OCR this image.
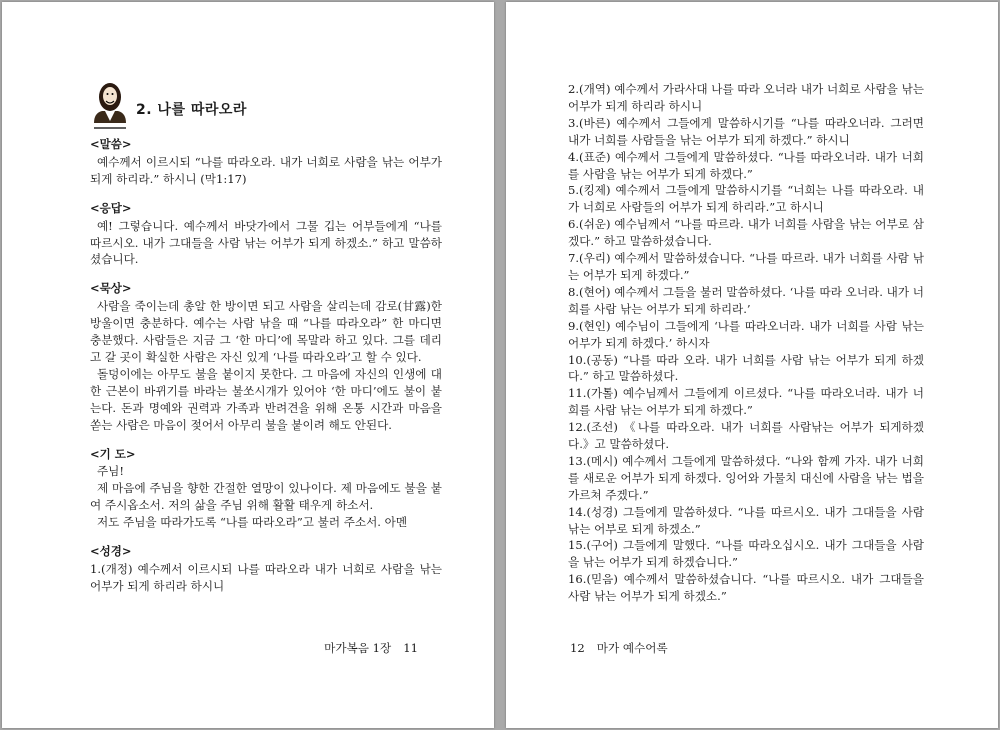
2. 나를 따라오라
<말씀>

예수께서 이르시되 “나를 따라오라. 내가 너희로 사람을 낚는 어부가 되게 하리라.” 하시니 (막1:17)

<응답>

예! 그렇습니다. 예수께서 바닷가에서 그물 깁는 어부들에게 “나를 따르시오. 내가 그대들을 사람 낚는 어부가 되게 하겠소.” 하고 말씀하셨습니다.

<묵상>

사람을 죽이는데 총알 한 방이면 되고 사람을 살리는데 감로(甘露)한 방울이면 충분하다. 예수는 사람 낚을 때 “나를 따라오라” 한 마디면 충분했다. 사람들은 지금 그 ‘한 마디’에 목말라 하고 있다. 그를 데리고 갈 곳이 확실한 사람은 자신 있게 ‘나를 따라오라’고 할 수 있다.

돌덩이에는 아무도 불을 붙이지 못한다. 그 마음에 자신의 인생에 대한 근본이 바뀌기를 바라는 불쏘시개가 있어야 ‘한 마디’에도 불이 붙는다. 돈과 명예와 권력과 가족과 반려견을 위해 온통 시간과 마음을 쏟는 사람은 마음이 젖어서 아무리 불을 붙이려 해도 안된다.

<기 도>

주님!

제 마음에 주님을 향한 간절한 열망이 있나이다. 제 마음에도 불을 붙여 주시옵소서. 저의 삶을 주님 위해 활활 태우게 하소서.

저도 주님을 따라가도록 “나를 따라오라”고 불러 주소서. 아멘

<성경>

1.(개정) 예수께서 이르시되 나를 따라오라 내가 너희로 사람을 낚는 어부가 되게 하리라 하시니

마가복음 1장 11

2.(개역) 예수께서 가라사대 나를 따라 오너라 내가 너희로 사람을 낚는 어부가 되게 하리라 하시니

3.(바른) 예수께서 그들에게 말씀하시기를 “나를 따라오너라. 그러면 내가 너희를 사람들을 낚는 어부가 되게 하겠다.” 하시니

4.(표준) 예수께서 그들에게 말씀하셨다. “나를 따라오너라. 내가 너희를 사람을 낚는 어부가 되게 하겠다.”

5.(킹제) 예수께서 그들에게 말씀하시기를 “너희는 나를 따라오라. 내가 너희로 사람들의 어부가 되게 하리라.”고 하시니

6.(쉬운) 예수님께서 “나를 따르라. 내가 너희를 사람을 낚는 어부로 삼겠다.” 하고 말씀하셨습니다.

7.(우리) 예수께서 말씀하셨습니다. “나를 따르라. 내가 너희를 사람 낚는 어부가 되게 하겠다.”

8.(현어) 예수께서 그들을 불러 말씀하셨다. ‘나를 따라 오너라. 내가 너희를 사람 낚는 어부가 되게 하리라.’

9.(현인) 예수님이 그들에게 ‘나를 따라오너라. 내가 너희를 사람 낚는 어부가 되게 하겠다.’ 하시자

10.(공동) “나를 따라 오라. 내가 너희를 사람 낚는 어부가 되게 하겠다.” 하고 말씀하셨다.

11.(가톨) 예수님께서 그들에게 이르셨다. “나를 따라오너라. 내가 너희를 사람 낚는 어부가 되게 하겠다.”

12.(조선) 《나를 따라오라. 내가 너희를 사람낚는 어부가 되게하겠다.》고 말씀하셨다.

13.(메시) 예수께서 그들에게 말씀하셨다. “나와 함께 가자. 내가 너희를 새로운 어부가 되게 하겠다. 잉어와 가물치 대신에 사람을 낚는 법을 가르쳐 주겠다.”

14.(성경) 그들에게 말씀하셨다. “나를 따르시오. 내가 그대들을 사람 낚는 어부로 되게 하겠소.”

15.(구어) 그들에게 말했다. “나를 따라오십시오. 내가 그대들을 사람을 낚는 어부가 되게 하겠습니다.”

16.(믿음) 예수께서 말씀하셨습니다. “나를 따르시오. 내가 그대들을 사람 낚는 어부가 되게 하겠소.”

12 마가 예수어록
